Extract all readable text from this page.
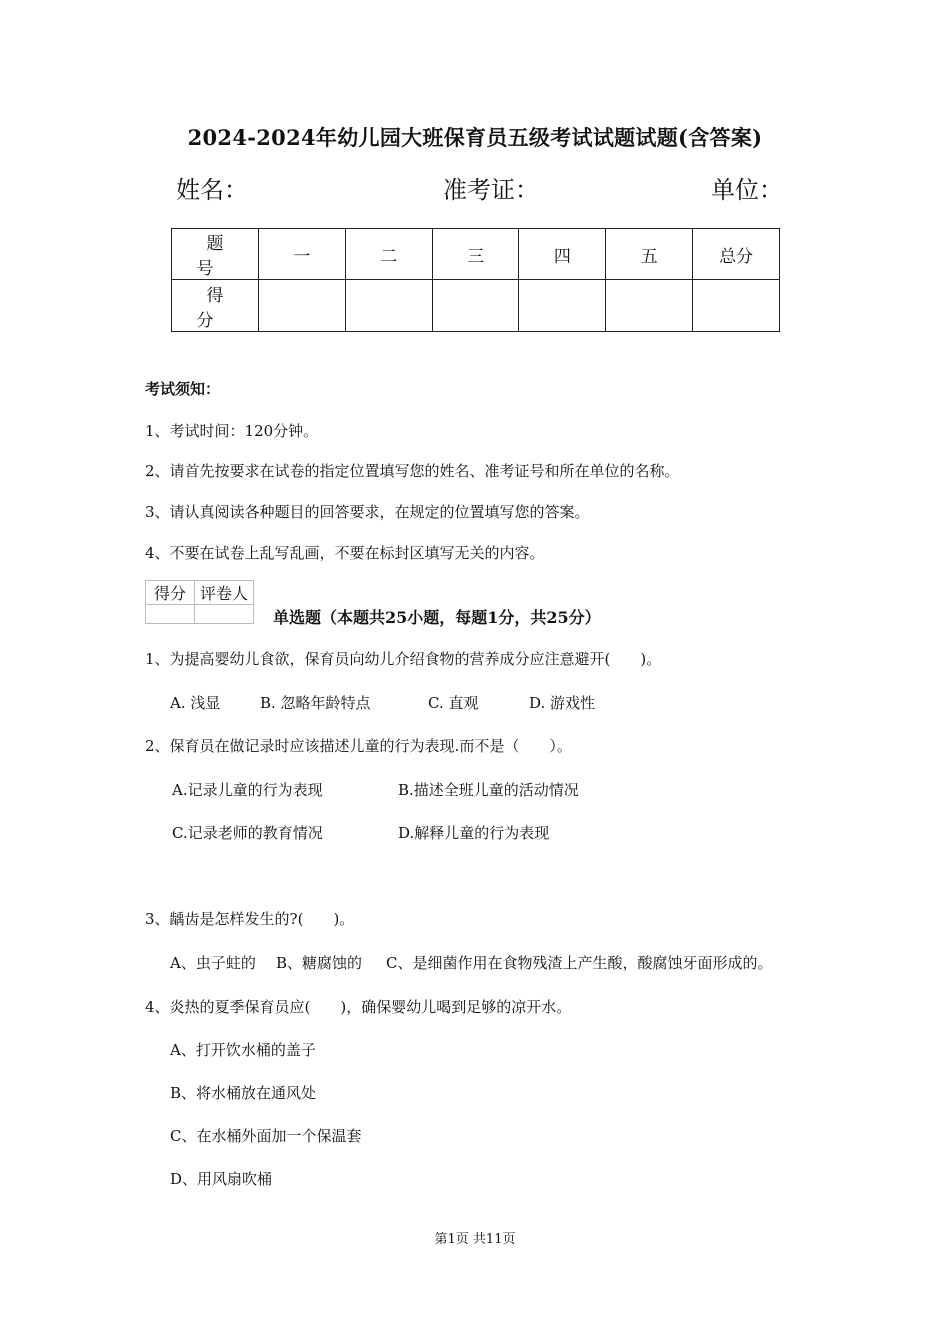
2024-2024年幼儿园大班保育员五级考试试题试题(含答案)
姓名：	准考证：	单位：
题　号	一	二	三	四	五	总分
得　分						
考试须知：
1、考试时间：120分钟。
2、请首先按要求在试卷的指定位置填写您的姓名、准考证号和所在单位的名称。
3、请认真阅读各种题目的回答要求，在规定的位置填写您的答案。
4、不要在试卷上乱写乱画，不要在标封区填写无关的内容。
得分	评卷人

单选题（本题共25小题，每题1分，共25分）
1、为提高婴幼儿食欲，保育员向幼儿介绍食物的营养成分应注意避开(　　)。
A. 浅显	B. 忽略年龄特点	C. 直观	D. 游戏性
2、保育员在做记录时应该描述儿童的行为表现.而不是（　　）。
A.记录儿童的行为表现	B.描述全班儿童的活动情况
C.记录老师的教育情况	D.解释儿童的行为表现
3、龋齿是怎样发生的?(　　)。
A、虫子蛀的 B、糖腐蚀的 C、是细菌作用在食物残渣上产生酸，酸腐蚀牙面形成的。
4、炎热的夏季保育员应(　　)，确保婴幼儿喝到足够的凉开水。
A、打开饮水桶的盖子
B、将水桶放在通风处
C、在水桶外面加一个保温套
D、用风扇吹桶
第1页 共11页
